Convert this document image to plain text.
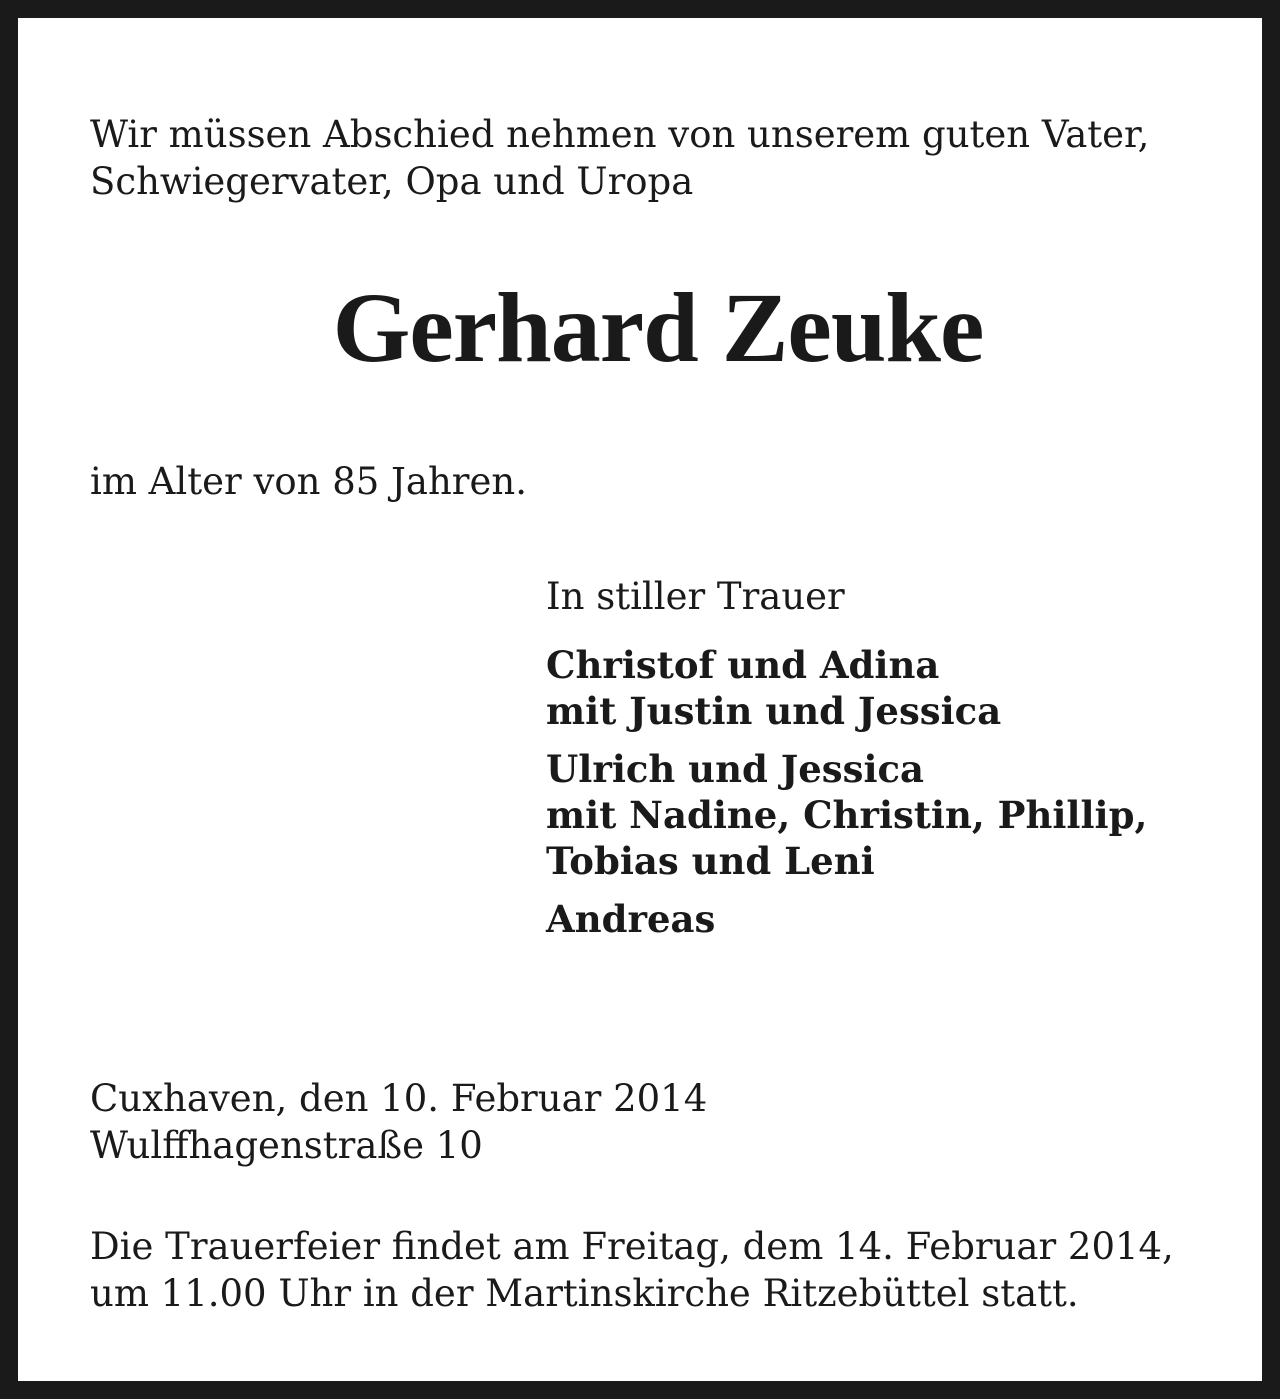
Wir müssen Abschied nehmen von unserem guten Vater,
Schwiegervater, Opa und Uropa

Gerhard Zeuke

im Alter von 85 Jahren.

In stiller Trauer

Christof und Adina
mit Justin und Jessica
Ulrich und Jessica
mit Nadine, Christin, Phillip,
Tobias und Leni
Andreas

Cuxhaven, den 10. Februar 2014
Wulffhagenstraße 10

Die Trauerfeier findet am Freitag, dem 14. Februar 2014,
um 11.00 Uhr in der Martinskirche Ritzebüttel statt.
